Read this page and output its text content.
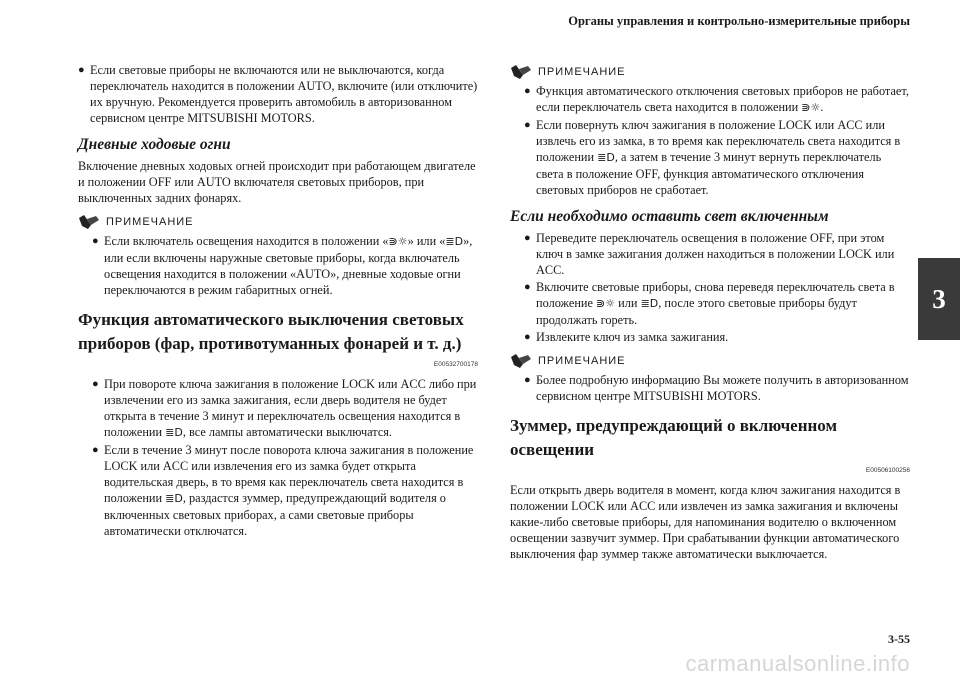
Органы управления и контрольно-измерительные приборы
3
● Если световые приборы не включаются или не выключаются, когда переключатель находится в положении AUTO, включите (или отключите) их вручную. Рекомендуется проверить автомобиль в авторизованном сервисном центре MITSUBISHI MOTORS.
Дневные ходовые огни
Включение дневных ходовых огней происходит при работающем двигателе и положении OFF или AUTO включателя световых приборов, при выключенных задних фонарях.
ПРИМЕЧАНИЕ
● Если включатель освещения находится в положении «⋑☼» или «≣D», или если включены наружные световые приборы, когда включатель освещения находится в положении «AUTO», дневные ходовые огни переключаются в режим габаритных огней.
Функция автоматического выключения световых приборов (фар, противотуманных фонарей и т. д.)
E00532700178
● При повороте ключа зажигания в положение LOCK или ACC либо при извлечении его из замка зажигания, если дверь водителя не будет открыта в течение 3 минут и переключатель освещения находится в положении ≣D, все лампы автоматически выключатся.
● Если в течение 3 минут после поворота ключа зажигания в положение LOCK или ACC или извлечения его из замка будет открыта водительская дверь, в то время как переключатель света находится в положении ≣D, раздастся зуммер, предупреждающий водителя о включенных световых приборах, а сами световые приборы автоматически отключатся.
ПРИМЕЧАНИЕ
● Функция автоматического отключения световых приборов не работает, если переключатель света находится в положении ⋑☼.
● Если повернуть ключ зажигания в положение LOCK или ACC или извлечь его из замка, в то время как переключатель света находится в положении ≣D, а затем в течение 3 минут вернуть переключатель света в положение OFF, функция автоматического отключения световых приборов не сработает.
Если необходимо оставить свет включенным
● Переведите переключатель освещения в положение OFF, при этом ключ в замке зажигания должен находиться в положении LOCK или ACC.
● Включите световые приборы, снова переведя переключатель света в положение ⋑☼ или ≣D, после этого световые приборы будут продолжать гореть.
● Извлеките ключ из замка зажигания.
ПРИМЕЧАНИЕ
● Более подробную информацию Вы можете получить в авторизованном сервисном центре MITSUBISHI MOTORS.
Зуммер, предупреждающий о включенном освещении
E00506100256
Если открыть дверь водителя в момент, когда ключ зажигания находится в положении LOCK или ACC или извлечен из замка зажигания и включены какие-либо световые приборы, для напоминания водителю о включенном освещении зазвучит зуммер. При срабатывании функции автоматического выключения фар зуммер также автоматически выключается.
3-55
carmanualsonline.info
